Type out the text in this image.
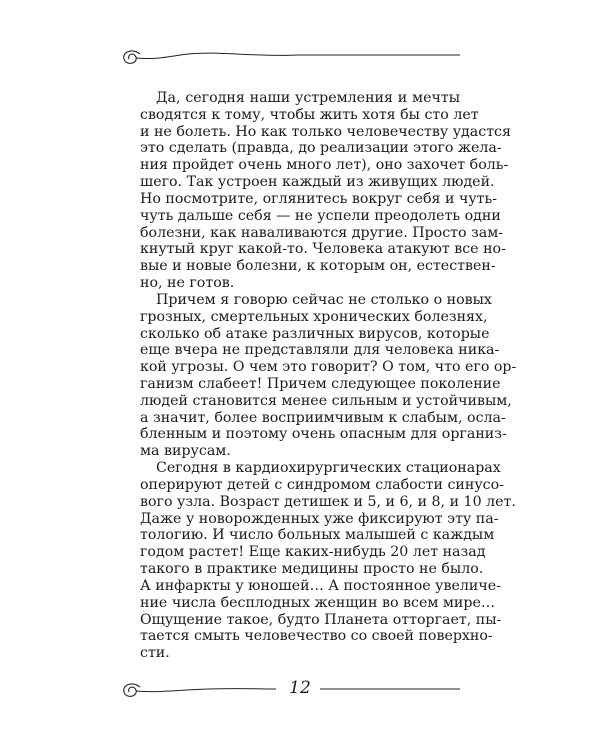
Да, сегодня наши устремления и мечты
сводятся к тому, чтобы жить хотя бы сто лет
и не болеть. Но как только человечеству удастся
это сделать (правда, до реализации этого жела-
ния пройдет очень много лет), оно захочет боль-
шего. Так устроен каждый из живущих людей.
Но посмотрите, оглянитесь вокруг себя и чуть-
чуть дальше себя — не успели преодолеть одни
болезни, как наваливаются другие. Просто зам-
кнутый круг какой-то. Человека атакуют все но-
вые и новые болезни, к которым он, естествен-
но, не готов.
Причем я говорю сейчас не столько о новых
грозных, смертельных хронических болезнях,
сколько об атаке различных вирусов, которые
еще вчера не представляли для человека ника-
кой угрозы. О чем это говорит? О том, что его ор-
ганизм слабеет! Причем следующее поколение
людей становится менее сильным и устойчивым,
а значит, более восприимчивым к слабым, осла-
бленным и поэтому очень опасным для организ-
ма вирусам.
Сегодня в кардиохирургических стационарах
оперируют детей с синдромом слабости синусо-
вого узла. Возраст детишек и 5, и 6, и 8, и 10 лет.
Даже у новорожденных уже фиксируют эту па-
тологию. И число больных малышей с каждым
годом растет! Еще каких-нибудь 20 лет назад
такого в практике медицины просто не было.
А инфаркты у юношей… А постоянное увеличе-
ние числа бесплодных женщин во всем мире…
Ощущение такое, будто Планета отторгает, пы-
тается смыть человечество со своей поверхно-
сти.
12
